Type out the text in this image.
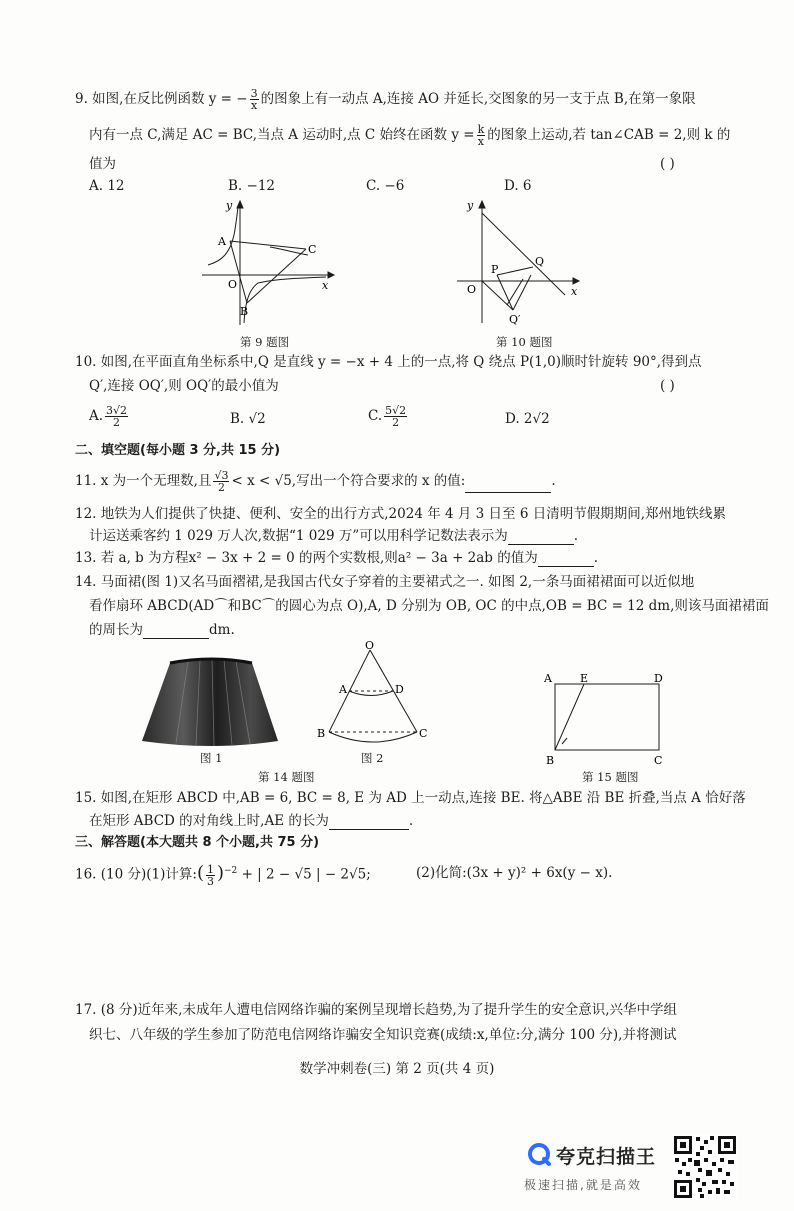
9. 如图,在反比例函数 y = − $\frac{3}{x}$ 的图象上有一动点 A,连接 AO 并延长,交图象的另一支于点 B,在第一象限
内有一点 C,满足 AC = BC,当点 A 运动时,点 C 始终在函数 $y = \frac{k}{x}$ 的图象上运动,若 tan∠CAB = 2,则 k 的
值为	( )
A. 12	B. −12	C. −6	D. 6
y
x
O
A
B
C
第 9 题图
y
x
O
P
Q
Q′
第 10 题图
10. 如图,在平面直角坐标系中,Q 是直线 y = −x + 4 上的一点,将 Q 绕点 P(1,0)顺时针旋转 90°,得到点
Q′,连接 OQ′,则 OQ′的最小值为	( )
A. $\frac{3√2}{2}$	B. √2	C. $\frac{5√2}{2}$	D. 2√2
二、填空题(每小题 3 分,共 15 分)
11. x 为一个无理数,且 $\frac{√3}{2} < x < √5$,写出一个符合要求的 x 的值:	.
12. 地铁为人们提供了快捷、便利、安全的出行方式,2024 年 4 月 3 日至 6 日清明节假期期间,郑州地铁线累
计运送乘客约 1 029 万人次,数据“1 029 万”可以用科学记数法表示为	.
13. 若 a, b 为方程x² − 3x + 2 = 0 的两个实数根,则a² − 3a + 2ab 的值为	.
14. 马面裙(图 1)又名马面褶裙,是我国古代女子穿着的主要裙式之一. 如图 2,一条马面裙裙面可以近似地
看作扇环 ABCD(AD⌒和BC⌒的圆心为点 O),A, D 分别为 OB, OC 的中点,OB = BC = 12 dm,则该马面裙裙面
的周长为	dm.
图 1
O
A	D
B	C
图 2
第 14 题图
A	E	D
B	C
第 15 题图
15. 如图,在矩形 ABCD 中,AB = 6, BC = 8, E 为 AD 上一动点,连接 BE. 将△ABE 沿 BE 折叠,当点 A 恰好落
在矩形 ABCD 的对角线上时,AE 的长为	.
三、解答题(本大题共 8 个小题,共 75 分)
16. (10 分)(1)计算:( $\frac{1}{3} )^{-2}$ + | 2 − √5 | − 2√5;	(2)化简:(3x + y)² + 6x(y − x).
17. (8 分)近年来,未成年人遭电信网络诈骗的案例呈现增长趋势,为了提升学生的安全意识,兴华中学组
织七、八年级的学生参加了防范电信网络诈骗安全知识竞赛(成绩:x,单位:分,满分 100 分),并将测试
数学冲刺卷(三) 第 2 页(共 4 页)
夸克扫描王
极速扫描,就是高效
